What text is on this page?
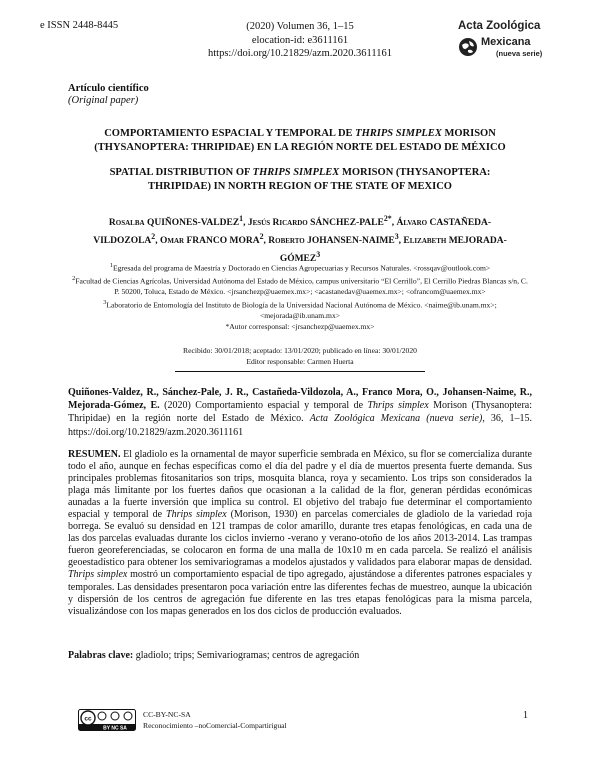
e ISSN 2448-8445	(2020) Volumen 36, 1–15
elocation-id: e3611161
https://doi.org/10.21829/azm.2020.3611161
Acta Zoológica
Mexicana
(nueva serie)
Artículo científico
(Original paper)
COMPORTAMIENTO ESPACIAL Y TEMPORAL DE THRIPS SIMPLEX MORISON (THYSANOPTERA: THRIPIDAE) EN LA REGIÓN NORTE DEL ESTADO DE MÉXICO
SPATIAL DISTRIBUTION OF THRIPS SIMPLEX MORISON (THYSANOPTERA: THRIPIDAE) IN NORTH REGION OF THE STATE OF MEXICO
Rosalba QUIÑONES-VALDEZ$^1$, Jesús Ricardo SÁNCHEZ-$PALE^{2*}$, Álvaro CASTAÑEDA-VILDOZOLA$^2$, Omar FRANCO MORA$^2$, Roberto JOHANSEN-NAIME$^3$, Elizabeth MEJORADA-GÓMEZ$^3$
$^1$Egresada del programa de Maestría y Doctorado en Ciencias Agropecuarias y Recursos Naturales. <rossqav@outlook.com>
$^2$Facultad de Ciencias Agrícolas, Universidad Autónoma del Estado de México, campus universitario “El Cerrillo”, El Cerrillo Piedras Blancas s/n, C. P. 50200, Toluca, Estado de México. <jrsanchezp@uaemex.mx>; <acastanedav@uaemex.mx>; <ofrancom@uaemex.mx>
$^3$Laboratorio de Entomología del Instituto de Biología de la Universidad Nacional Autónoma de México. <naime@ib.unam.mx>; <mejorada@ib.unam.mx>
*Autor corresponsal: <jrsanchezp@uaemex.mx>
Recibido: 30/01/2018; aceptado: 13/01/2020; publicado en línea: 30/01/2020
Editor responsable: Carmen Huerta
Quiñones-Valdez, R., Sánchez-Pale, J. R., Castañeda-Vildozola, A., Franco Mora, O., Johansen-Naime, R., Mejorada-Gómez, E. (2020) Comportamiento espacial y temporal de Thrips simplex Morison (Thysanoptera: Thripidae) en la región norte del Estado de México. Acta Zoológica Mexicana (nueva serie), 36, 1–15. https://doi.org/10.21829/azm.2020.3611161
RESUMEN. El gladiolo es la ornamental de mayor superficie sembrada en México, su flor se comercializa durante todo el año, aunque en fechas específicas como el día del padre y el día de muertos presenta fuerte demanda. Sus principales problemas fitosanitarios son trips, mosquita blanca, roya y secamiento. Los trips son considerados la plaga más limitante por los fuertes daños que ocasionan a la calidad de la flor, generan pérdidas económicas aunadas a la fuerte inversión que implica su control. El objetivo del trabajo fue determinar el comportamiento espacial y temporal de Thrips simplex (Morison, 1930) en parcelas comerciales de gladiolo de la variedad roja borrega. Se evaluó su densidad en 121 trampas de color amarillo, durante tres etapas fenológicas, en cada una de las dos parcelas evaluadas durante los ciclos invierno -verano y verano-otoño de los años 2013-2014. Las trampas fueron georeferenciadas, se colocaron en forma de una malla de 10x10 m en cada parcela. Se realizó el análisis geoestadístico para obtener los semivariogramas a modelos ajustados y validados para elaborar mapas de densidad. Thrips simplex mostró un comportamiento espacial de tipo agregado, ajustándose a diferentes patrones espaciales y temporales. Las densidades presentaron poca variación entre las diferentes fechas de muestreo, aunque la ubicación y dispersión de los centros de agregación fue diferente en las tres etapas fenológicas para la misma parcela, visualizándose con los mapas generados en los dos ciclos de producción evaluados.
Palabras clave: gladiolo; trips; Semivariogramas; centros de agregación
cc
BY NC SA
CC-BY-NC-SA
Reconocimiento –noComercial-Compartirigual
1
